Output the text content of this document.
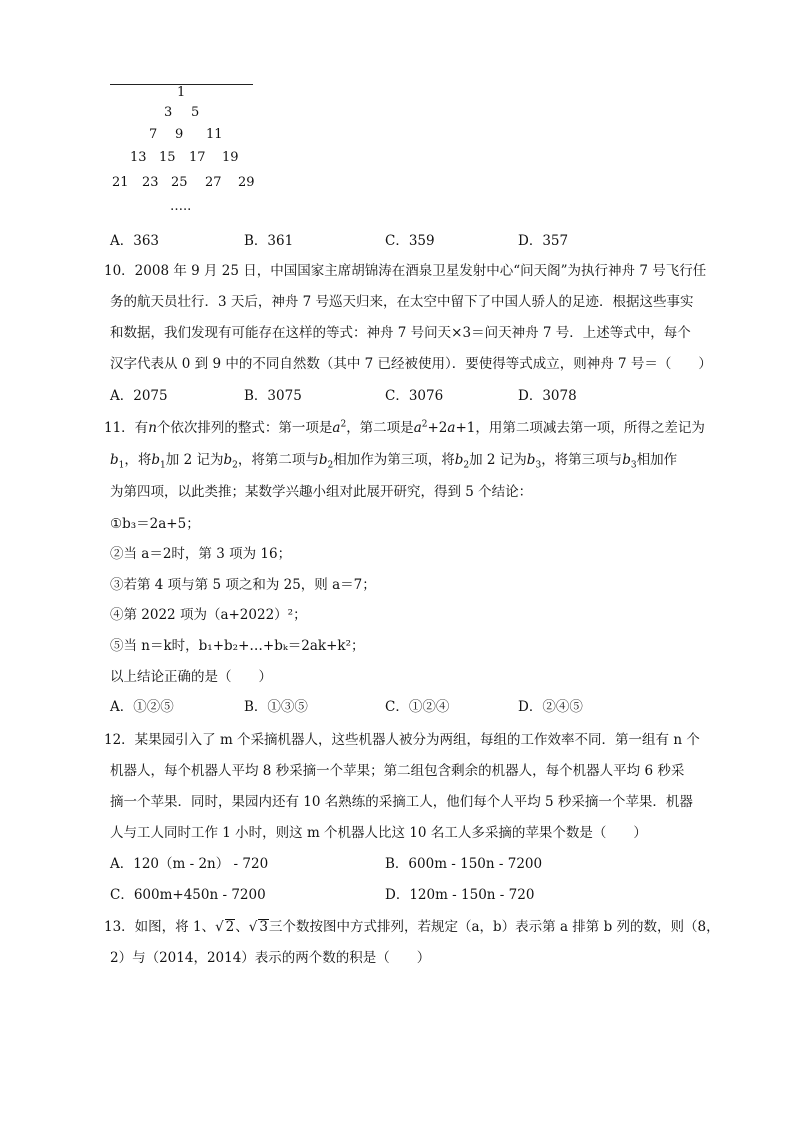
1
3 5
7 9 11
13 15 17 19
21 23 25 27 29
…..
A．363	B．361	C．359	D．357
10．2008 年 9 月 25 日，中国国家主席胡锦涛在酒泉卫星发射中心“问天阁”为执行神舟 7 号飞行任
务的航天员壮行．3 天后，神舟 7 号巡天归来，在太空中留下了中国人骄人的足迹．根据这些事实
和数据，我们发现有可能存在这样的等式：神舟 7 号问天×3＝问天神舟 7 号．上述等式中，每个
汉字代表从 0 到 9 中的不同自然数（其中 7 已经被使用）．要使得等式成立，则神舟 7 号＝（　　）
A．2075	B．3075	C．3076	D．3078
11．有n个依次排列的整式：第一项是$a^2$，第二项是$a^2+2a+1$，用第二项减去第一项，所得之差记为
$b_1$，将$b_1$加 2 记为$b_2$，将第二项与$b_2$相加作为第三项，将$b_2$加 2 记为$b_3$，将第三项与$b_3$相加作
为第四项，以此类推；某数学兴趣小组对此展开研究，得到 5 个结论：
①b₃＝2a+5；
②当 a＝2时，第 3 项为 16；
③若第 4 项与第 5 项之和为 25，则 a＝7；
④第 2022 项为（a+2022）²；
⑤当 n＝k时，b₁+b₂+…+bₖ＝2ak+k²；
以上结论正确的是（　　）
A．①②⑤	B．①③⑤	C．①②④	D．②④⑤
12．某果园引入了 m 个采摘机器人，这些机器人被分为两组，每组的工作效率不同．第一组有 n 个
机器人，每个机器人平均 8 秒采摘一个苹果；第二组包含剩余的机器人，每个机器人平均 6 秒采
摘一个苹果．同时，果园内还有 10 名熟练的采摘工人，他们每个人平均 5 秒采摘一个苹果．机器
人与工人同时工作 1 小时，则这 m 个机器人比这 10 名工人多采摘的苹果个数是（　　）
A．120（m - 2n） - 720	B．600m - 150n - 7200
C．600m+450n - 7200	D．120m - 150n - 720
13．如图，将 1、√ 2、√ 3三个数按图中方式排列，若规定（a，b）表示第 a 排第 b 列的数，则（8，
2）与（2014，2014）表示的两个数的积是（　　）
